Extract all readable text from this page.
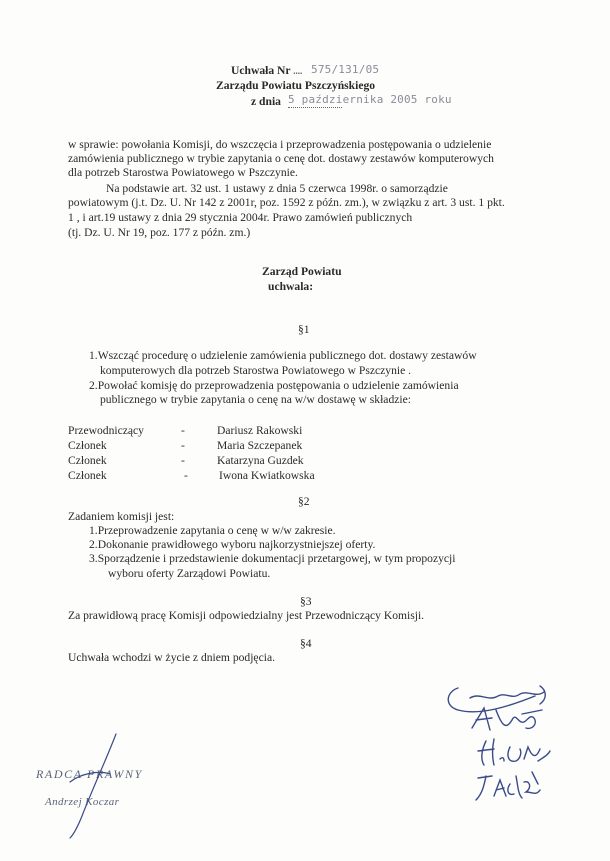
Uchwała Nr .... 575/131/05
Zarządu Powiatu Pszczyńskiego
z dnia 5 października 2005 roku
w sprawie: powołania Komisji, do wszczęcia i przeprowadzenia postępowania o udzielenie
zamówienia publicznego w trybie zapytania o cenę dot. dostawy zestawów komputerowych
dla potrzeb Starostwa Powiatowego w Pszczynie.
Na podstawie art. 32 ust. 1 ustawy z dnia 5 czerwca 1998r. o samorządzie
powiatowym (j.t. Dz. U. Nr 142 z 2001r, poz. 1592 z późn. zm.), w związku z art. 3 ust. 1 pkt.
1 , i art.19 ustawy z dnia 29 stycznia 2004r. Prawo zamówień publicznych
(tj. Dz. U. Nr 19, poz. 177 z późn. zm.)
Zarząd Powiatu
uchwala:
§1
1.Wszcząć procedurę o udzielenie zamówienia publicznego dot. dostawy zestawów
komputerowych dla potrzeb Starostwa Powiatowego w Pszczynie .
2.Powołać komisję do przeprowadzenia postępowania o udzielenie zamówienia
publicznego w trybie zapytania o cenę na w/w dostawę w składzie:
Przewodniczący	-	Dariusz Rakowski
Członek	-	Maria Szczepanek
Członek	-	Katarzyna Guzdek
Członek	-	Iwona Kwiatkowska
§2
Zadaniem komisji jest:
1.Przeprowadzenie zapytania o cenę w w/w zakresie.
2.Dokonanie prawidłowego wyboru najkorzystniejszej oferty.
3.Sporządzenie i przedstawienie dokumentacji przetargowej, w tym propozycji
wyboru oferty Zarządowi Powiatu.
§3
Za prawidłową pracę Komisji odpowiedzialny jest Przewodniczący Komisji.
§4
Uchwała wchodzi w życie z dniem podjęcia.
RADCA PRAWNY
Andrzej Koczar
